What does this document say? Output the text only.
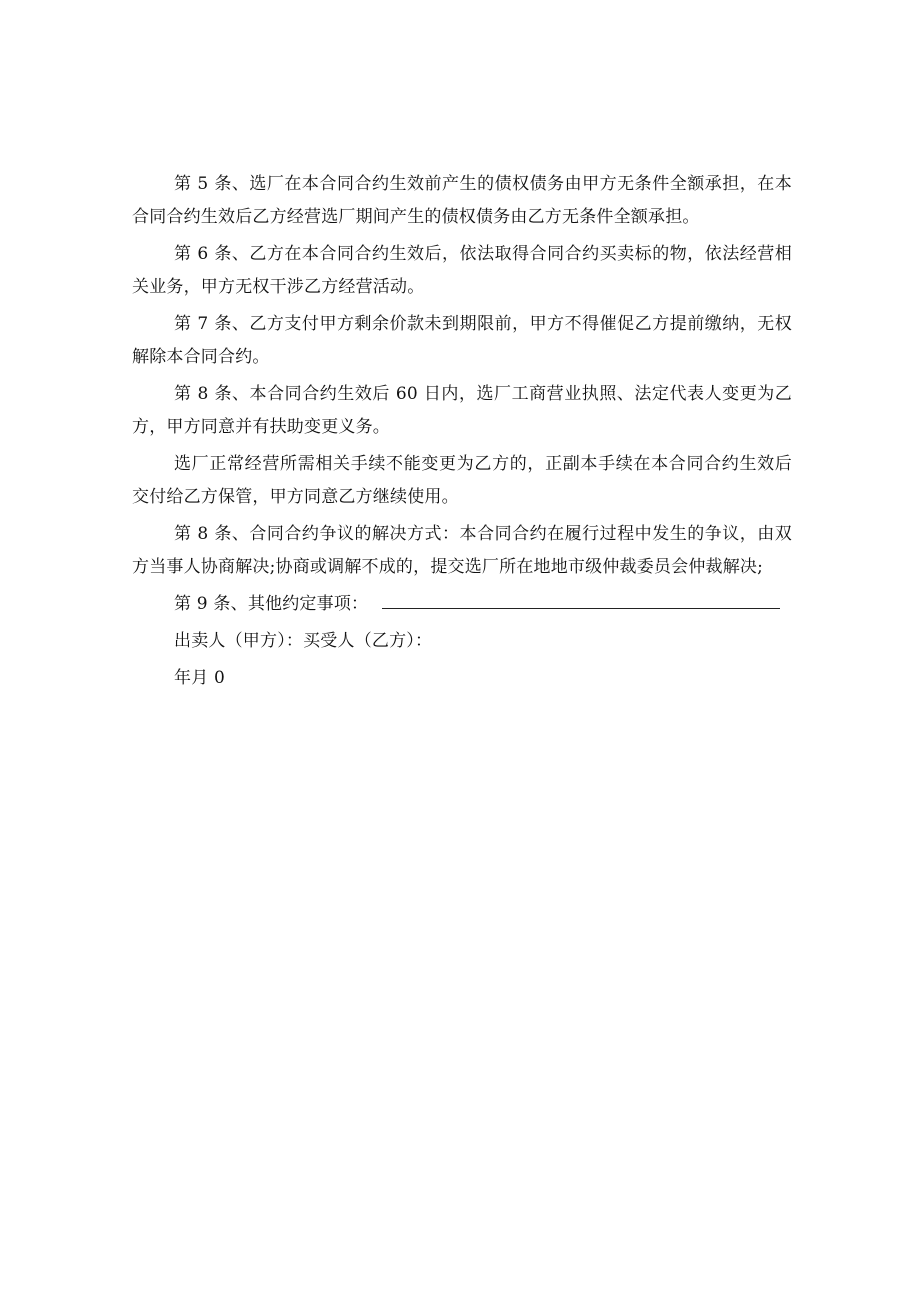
第 5 条、选厂在本合同合约生效前产生的债权债务由甲方无条件全额承担，在本合同合约生效后乙方经营选厂期间产生的债权债务由乙方无条件全额承担。

第 6 条、乙方在本合同合约生效后，依法取得合同合约买卖标的物，依法经营相关业务，甲方无权干涉乙方经营活动。

第 7 条、乙方支付甲方剩余价款未到期限前，甲方不得催促乙方提前缴纳，无权解除本合同合约。

第 8 条、本合同合约生效后 60 日内，选厂工商营业执照、法定代表人变更为乙方，甲方同意并有扶助变更义务。

选厂正常经营所需相关手续不能变更为乙方的，正副本手续在本合同合约生效后交付给乙方保管，甲方同意乙方继续使用。

第 8 条、合同合约争议的解决方式：本合同合约在履行过程中发生的争议，由双方当事人协商解决;协商或调解不成的，提交选厂所在地地市级仲裁委员会仲裁解决;

第 9 条、其他约定事项：

出卖人（甲方）：买受人（乙方）：

年月 0
